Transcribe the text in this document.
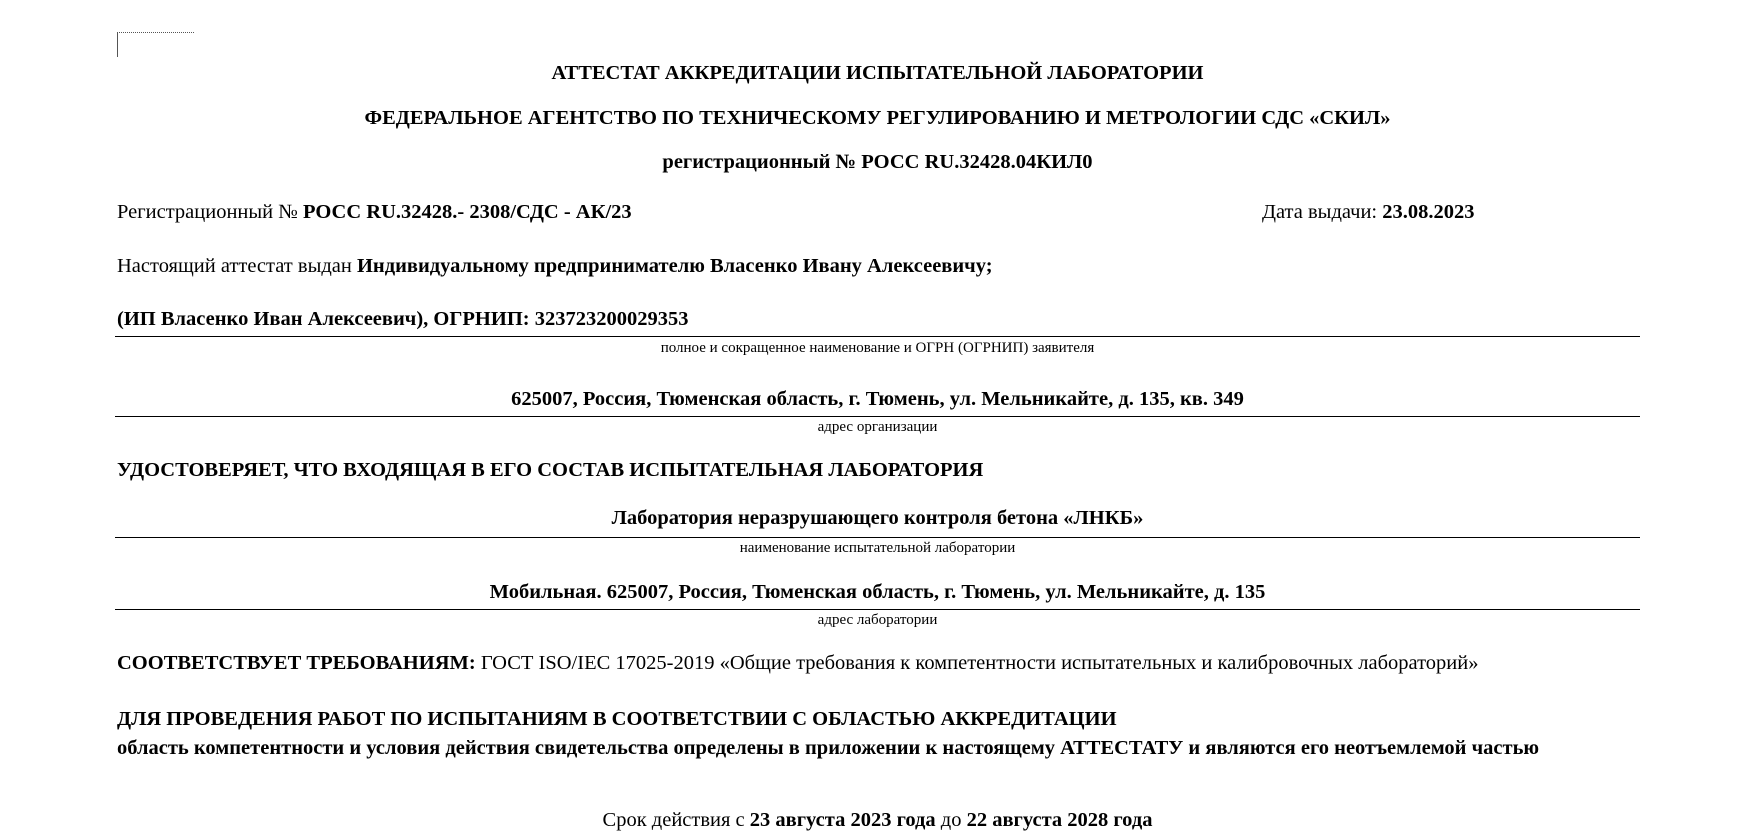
АТТЕСТАТ АККРЕДИТАЦИИ ИСПЫТАТЕЛЬНОЙ ЛАБОРАТОРИИ
ФЕДЕРАЛЬНОЕ АГЕНТСТВО ПО ТЕХНИЧЕСКОМУ РЕГУЛИРОВАНИЮ И МЕТРОЛОГИИ СДС «СКИЛ»
регистрационный № РОСС RU.32428.04КИЛ0
Регистрационный № РОСС RU.32428.- 2308/СДС - АК/23	Дата выдачи: 23.08.2023
Настоящий аттестат выдан Индивидуальному предпринимателю Власенко Ивану Алексеевичу;
(ИП Власенко Иван Алексеевич), ОГРНИП: 323723200029353
полное и сокращенное наименование и ОГРН (ОГРНИП) заявителя
625007, Россия, Тюменская область, г. Тюмень, ул. Мельникайте, д. 135, кв. 349
адрес организации
УДОСТОВЕРЯЕТ, ЧТО ВХОДЯЩАЯ В ЕГО СОСТАВ ИСПЫТАТЕЛЬНАЯ ЛАБОРАТОРИЯ
Лаборатория неразрушающего контроля бетона «ЛНКБ»
наименование испытательной лаборатории
Мобильная. 625007, Россия, Тюменская область, г. Тюмень, ул. Мельникайте, д. 135
адрес лаборатории
СООТВЕТСТВУЕТ ТРЕБОВАНИЯМ: ГОСТ ISO/IEC 17025-2019 «Общие требования к компетентности испытательных и калибровочных лабораторий»
ДЛЯ ПРОВЕДЕНИЯ РАБОТ ПО ИСПЫТАНИЯМ В СООТВЕТСТВИИ С ОБЛАСТЬЮ АККРЕДИТАЦИИ
область компетентности и условия действия свидетельства определены в приложении к настоящему АТТЕСТАТУ и являются его неотъемлемой частью
Срок действия с 23 августа 2023 года до 22 августа 2028 года
